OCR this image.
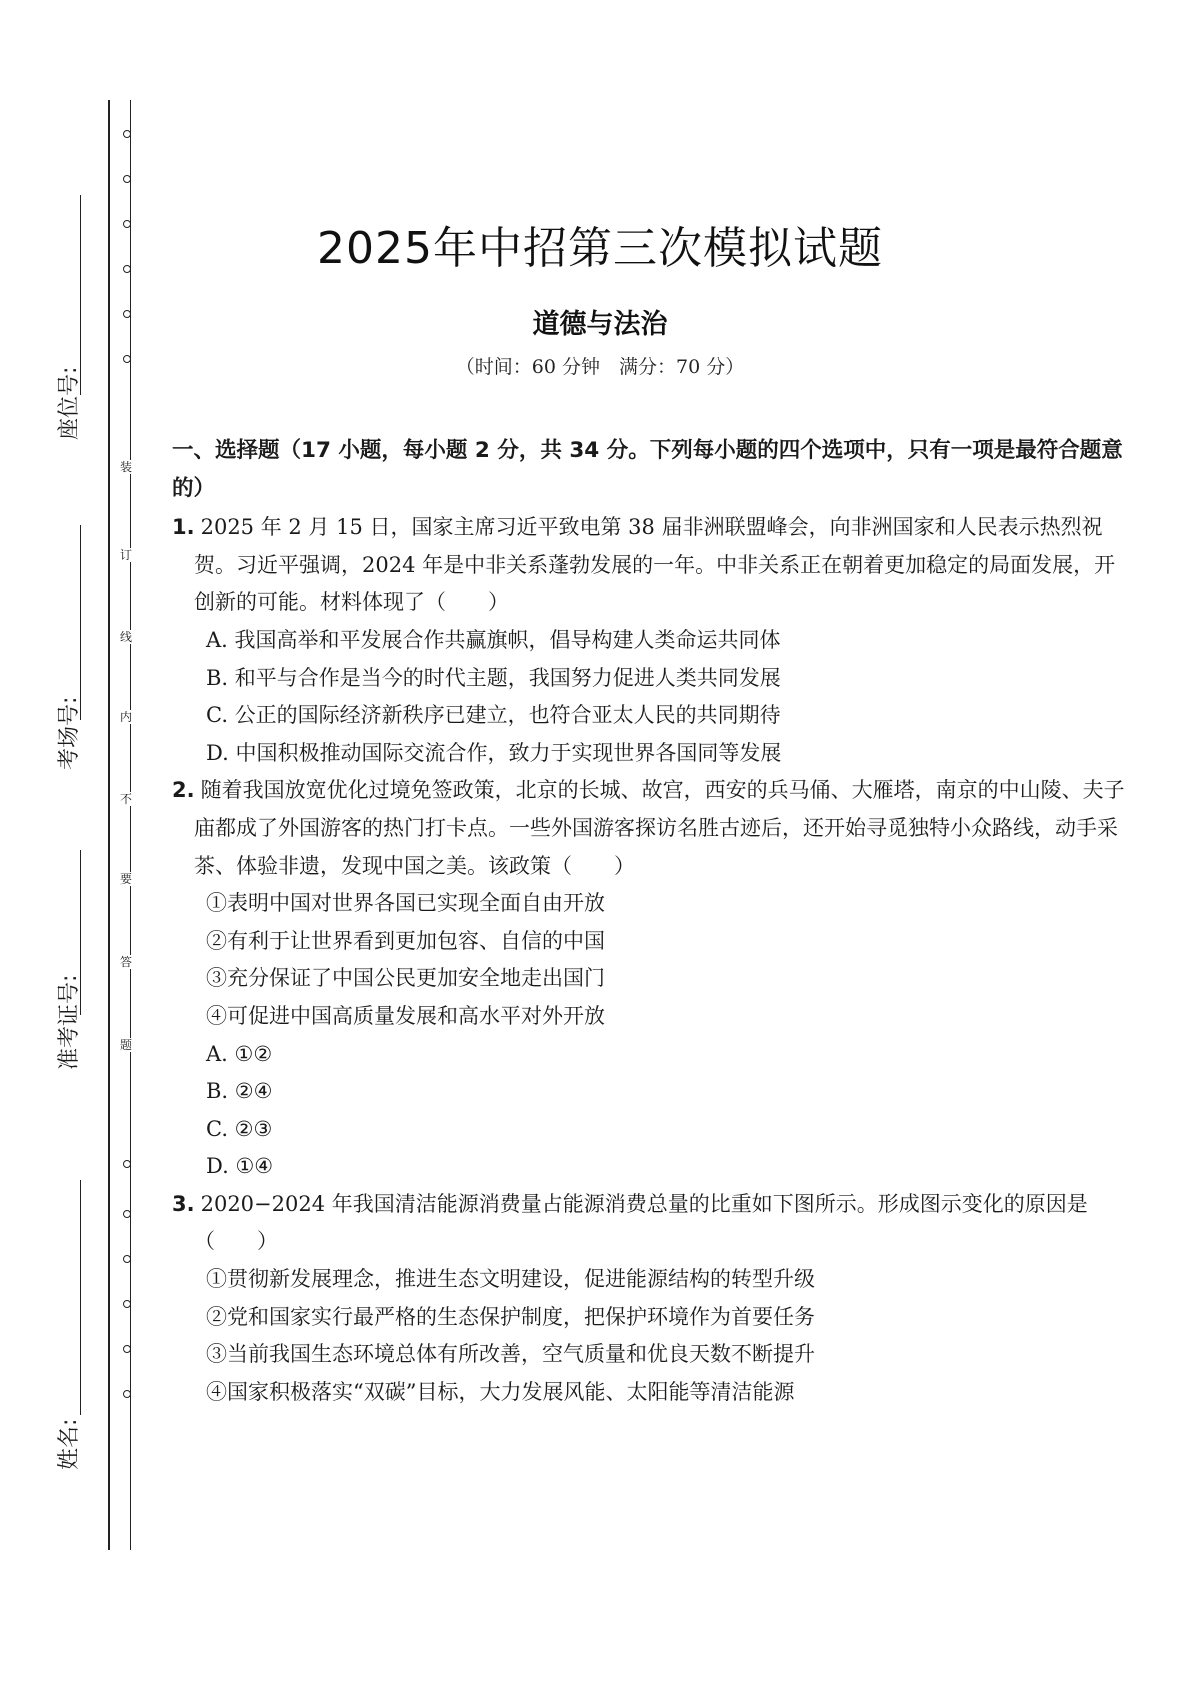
装
订
线
内
不
要
答
题
座位号:
考场号:
准考证号:
姓名:
2025年中招第三次模拟试题
道德与法治
（时间：60 分钟　满分：70 分）
一、选择题（17 小题，每小题 2 分，共 34 分。下列每小题的四个选项中，只有一项是最符合题意的）
1. 2025 年 2 月 15 日，国家主席习近平致电第 38 届非洲联盟峰会，向非洲国家和人民表示热烈祝贺。习近平强调，2024 年是中非关系蓬勃发展的一年。中非关系正在朝着更加稳定的局面发展，开创新的可能。材料体现了（　　）
A. 我国高举和平发展合作共赢旗帜，倡导构建人类命运共同体
B. 和平与合作是当今的时代主题，我国努力促进人类共同发展
C. 公正的国际经济新秩序已建立，也符合亚太人民的共同期待
D. 中国积极推动国际交流合作，致力于实现世界各国同等发展
2. 随着我国放宽优化过境免签政策，北京的长城、故宫，西安的兵马俑、大雁塔，南京的中山陵、夫子庙都成了外国游客的热门打卡点。一些外国游客探访名胜古迹后，还开始寻觅独特小众路线，动手采茶、体验非遗，发现中国之美。该政策（　　）
①表明中国对世界各国已实现全面自由开放
②有利于让世界看到更加包容、自信的中国
③充分保证了中国公民更加安全地走出国门
④可促进中国高质量发展和高水平对外开放
A. ①②
B. ②④
C. ②③
D. ①④
3. 2020−2024 年我国清洁能源消费量占能源消费总量的比重如下图所示。形成图示变化的原因是（　　）
①贯彻新发展理念，推进生态文明建设，促进能源结构的转型升级
②党和国家实行最严格的生态保护制度，把保护环境作为首要任务
③当前我国生态环境总体有所改善，空气质量和优良天数不断提升
④国家积极落实“双碳”目标，大力发展风能、太阳能等清洁能源
